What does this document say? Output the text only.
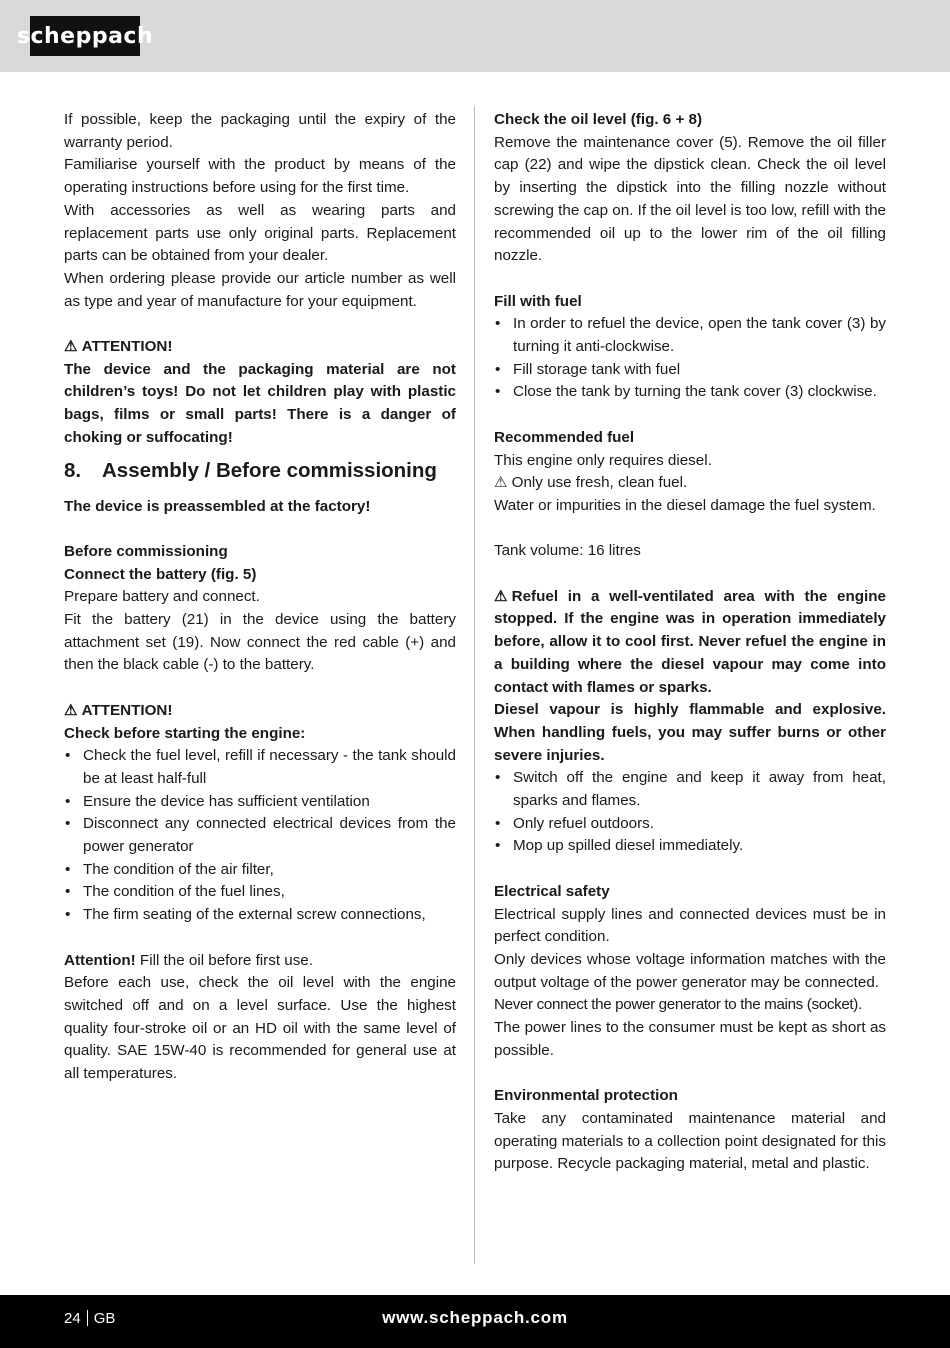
scheppach
If possible, keep the packaging until the expiry of the warranty period.
Familiarise yourself with the product by means of the operating instructions before using for the first time.
With accessories as well as wearing parts and replacement parts use only original parts. Replacement parts can be obtained from your dealer.
When ordering please provide our article number as well as type and year of manufacture for your equipment.
⚠ ATTENTION!
The device and the packaging material are not children’s toys! Do not let children play with plastic bags, films or small parts! There is a danger of choking or suffocating!
8.	Assembly / Before commissioning
The device is preassembled at the factory!
Before commissioning
Connect the battery (fig. 5)
Prepare battery and connect.
Fit the battery (21) in the device using the battery attachment set (19). Now connect the red cable (+) and then the black cable (-) to the battery.
⚠ ATTENTION!
Check before starting the engine:
• Check the fuel level, refill if necessary - the tank should be at least half-full
• Ensure the device has sufficient ventilation
• Disconnect any connected electrical devices from the power generator
• The condition of the air filter,
• The condition of the fuel lines,
• The firm seating of the external screw connections,
Attention! Fill the oil before first use.
Before each use, check the oil level with the engine switched off and on a level surface. Use the highest quality four-stroke oil or an HD oil with the same level of quality. SAE 15W-40 is recommended for general use at all temperatures.
Check the oil level (fig. 6 + 8)
Remove the maintenance cover (5). Remove the oil filler cap (22) and wipe the dipstick clean. Check the oil level by inserting the dipstick into the filling nozzle without screwing the cap on. If the oil level is too low, refill with the recommended oil up to the lower rim of the oil filling nozzle.
Fill with fuel
• In order to refuel the device, open the tank cover (3) by turning it anti-clockwise.
• Fill storage tank with fuel
• Close the tank by turning the tank cover (3) clockwise.
Recommended fuel
This engine only requires diesel.
⚠ Only use fresh, clean fuel.
Water or impurities in the diesel damage the fuel system.
Tank volume: 16 litres
⚠ Refuel in a well-ventilated area with the engine stopped. If the engine was in operation immediately before, allow it to cool first. Never refuel the engine in a building where the diesel vapour may come into contact with flames or sparks.
Diesel vapour is highly flammable and explosive. When handling fuels, you may suffer burns or other severe injuries.
• Switch off the engine and keep it away from heat, sparks and flames.
• Only refuel outdoors.
• Mop up spilled diesel immediately.
Electrical safety
Electrical supply lines and connected devices must be in perfect condition.
Only devices whose voltage information matches with the output voltage of the power generator may be connected.
Never connect the power generator to the mains (socket).
The power lines to the consumer must be kept as short as possible.
Environmental protection
Take any contaminated maintenance material and operating materials to a collection point designated for this purpose. Recycle packaging material, metal and plastic.
24 GB	www.scheppach.com
